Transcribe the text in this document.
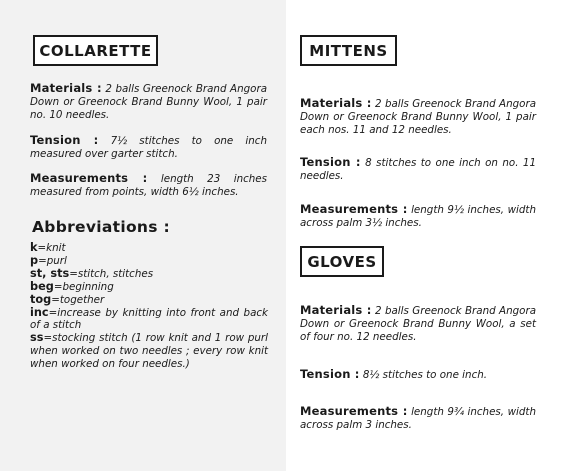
COLLARETTE
Materials : 2 balls Greenock Brand Angora Down or Greenock Brand Bunny Wool, 1 pair no. 10 needles.
Tension : 7½ stitches to one inch measured over garter stitch.
Measurements : length 23 inches measured from points, width 6½ inches.
Abbreviations :
k=knit
p=purl
st, sts=stitch, stitches
beg=beginning
tog=together
inc=increase by knitting into front and back of a stitch
ss=stocking stitch (1 row knit and 1 row purl when worked on two needles ; every row knit when worked on four needles.)
MITTENS
Materials : 2 balls Greenock Brand Angora Down or Greenock Brand Bunny Wool, 1 pair each nos. 11 and 12 needles.
Tension : 8 stitches to one inch on no. 11 needles.
Measurements : length 9½ inches, width across palm 3½ inches.
GLOVES
Materials : 2 balls Greenock Brand Angora Down or Greenock Brand Bunny Wool, a set of four no. 12 needles.
Tension : 8½ stitches to one inch.
Measurements : length 9¾ inches, width across palm 3 inches.
